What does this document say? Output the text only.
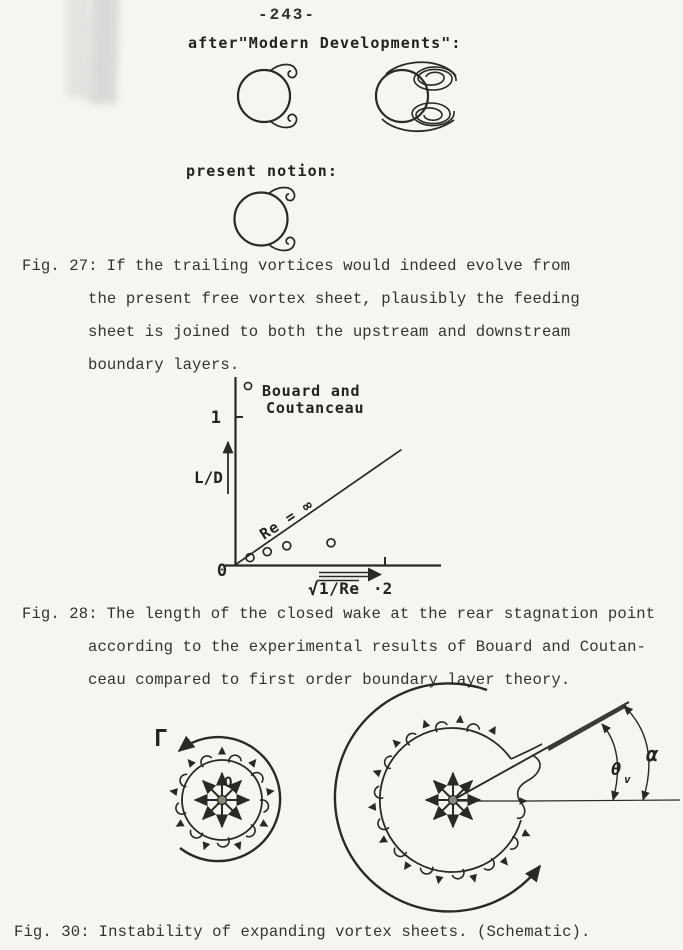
-243-
after"Modern Developments":
present notion:
Fig. 27: If the trailing vortices would indeed evolve from
the present free vortex sheet, plausibly the feeding
sheet is joined to both the upstream and downstream
boundary layers.
Bouard and
Coutanceau
1
L/D
0
Re = ∞
√ 1/Re ·2
Fig. 28: The length of the closed wake at the rear stagnation point
according to the experimental results of Bouard and Coutan-
ceau compared to first order boundary layer theory.
Γ
Q
θ v
α
Fig. 30: Instability of expanding vortex sheets. (Schematic).
